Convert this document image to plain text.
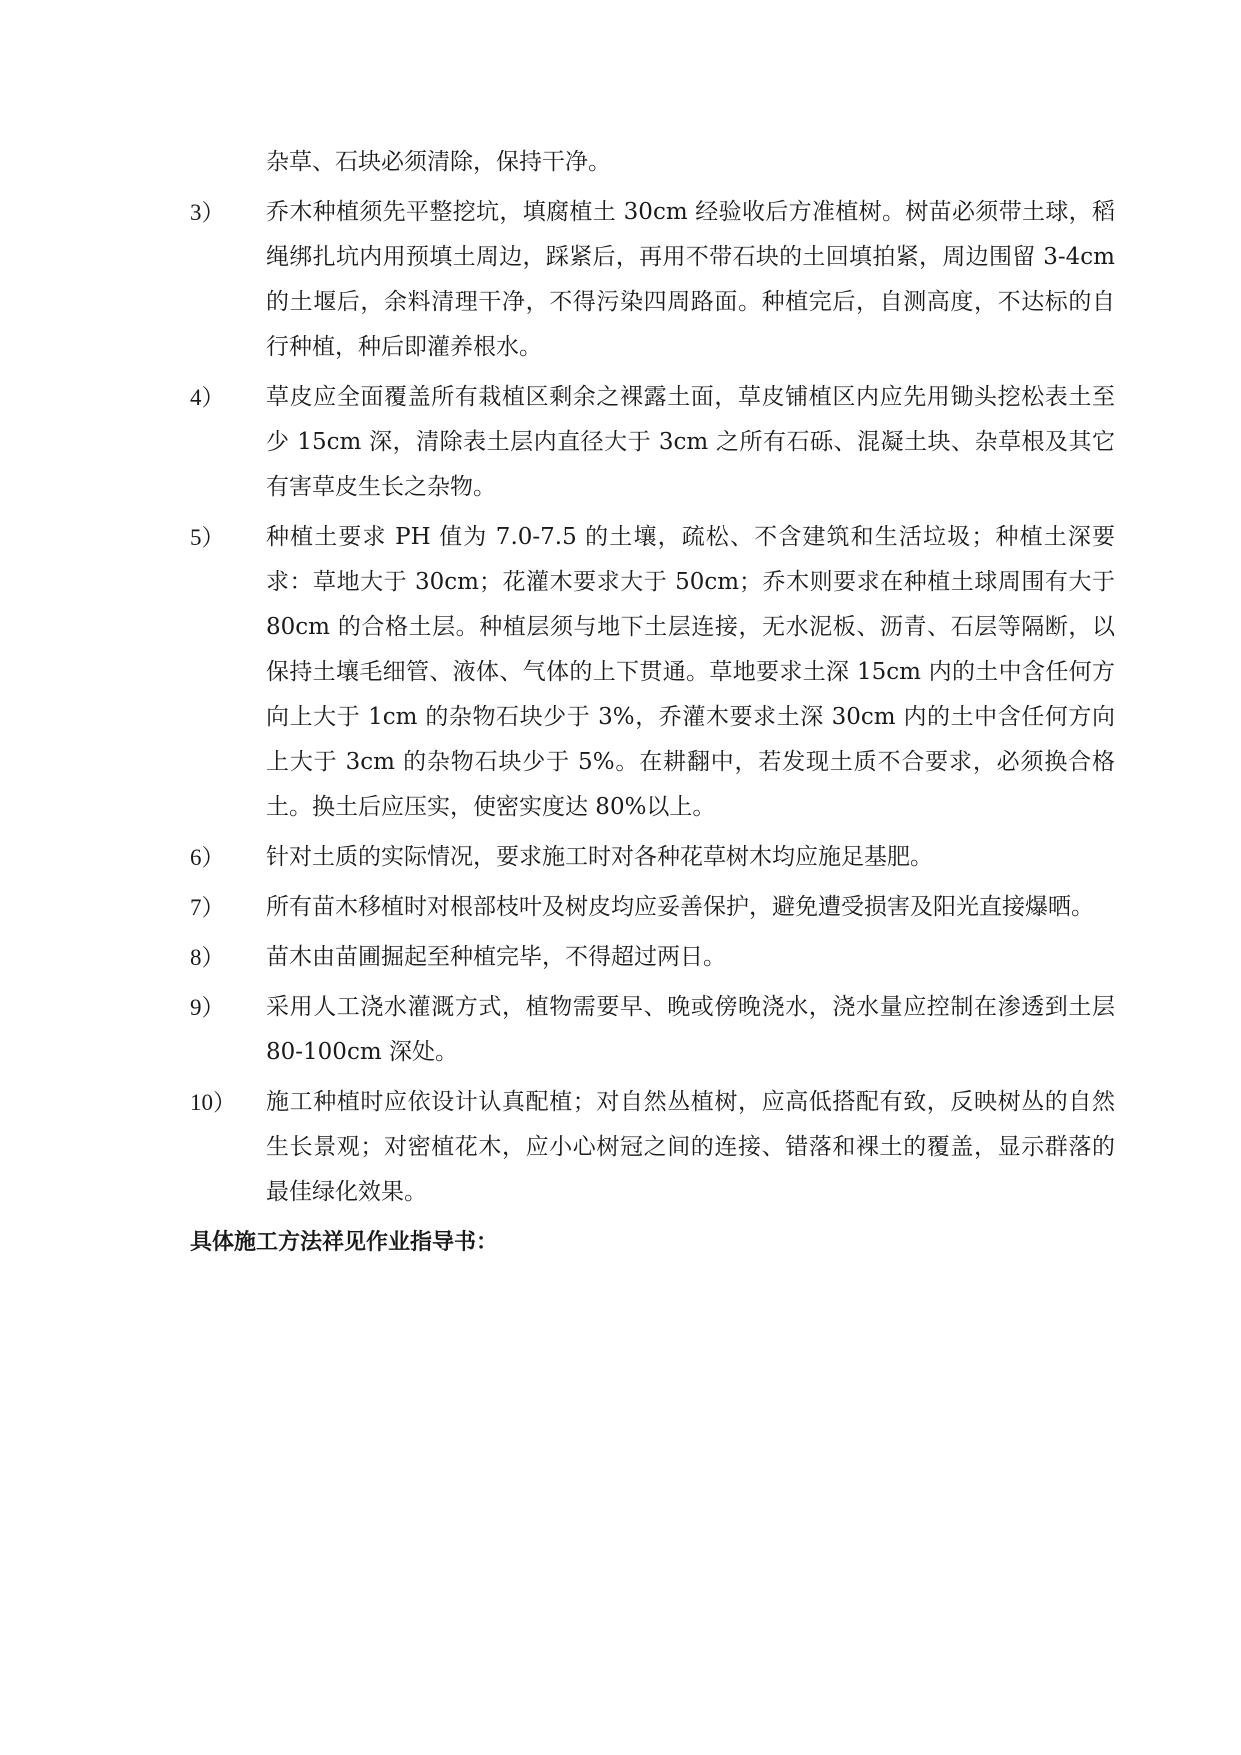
杂草、石块必须清除，保持干净。

3）	乔木种植须先平整挖坑，填腐植土 30cm 经验收后方准植树。树苗必须带土球，稻绳绑扎坑内用预填土周边，踩紧后，再用不带石块的土回填拍紧，周边围留 3-4cm 的土堰后，余料清理干净，不得污染四周路面。种植完后，自测高度，不达标的自行种植，种后即灌养根水。
4）	草皮应全面覆盖所有栽植区剩余之裸露土面，草皮铺植区内应先用锄头挖松表土至少 15cm 深，清除表土层内直径大于 3cm 之所有石砾、混凝土块、杂草根及其它有害草皮生长之杂物。
5）	种植土要求 PH 值为 7.0-7.5 的土壤，疏松、不含建筑和生活垃圾；种植土深要求：草地大于 30cm；花灌木要求大于 50cm；乔木则要求在种植土球周围有大于 80cm 的合格土层。种植层须与地下土层连接，无水泥板、沥青、石层等隔断，以保持土壤毛细管、液体、气体的上下贯通。草地要求土深 15cm 内的土中含任何方向上大于 1cm 的杂物石块少于 3%，乔灌木要求土深 30cm 内的土中含任何方向上大于 3cm 的杂物石块少于 5%。在耕翻中，若发现土质不合要求，必须换合格土。换土后应压实，使密实度达 80%以上。
6）	针对土质的实际情况，要求施工时对各种花草树木均应施足基肥。
7）	所有苗木移植时对根部枝叶及树皮均应妥善保护，避免遭受损害及阳光直接爆晒。
8）	苗木由苗圃掘起至种植完毕，不得超过两日。
9）	采用人工浇水灌溉方式，植物需要早、晚或傍晚浇水，浇水量应控制在渗透到土层 80-100cm 深处。
10）	施工种植时应依设计认真配植；对自然丛植树，应高低搭配有致，反映树丛的自然生长景观；对密植花木，应小心树冠之间的连接、错落和裸土的覆盖，显示群落的最佳绿化效果。
具体施工方法祥见作业指导书：
